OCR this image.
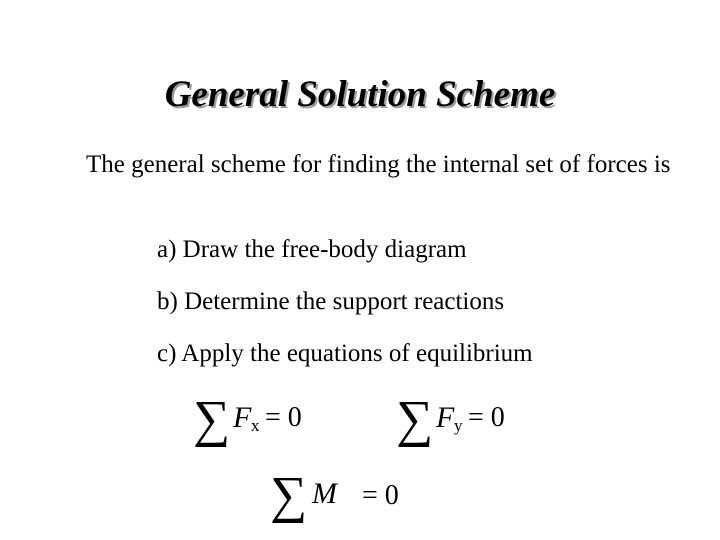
General Solution Scheme
The general scheme for finding the internal set of forces is
a) Draw the free-body diagram
b) Determine the support reactions
c) Apply the equations of equilibrium
∑ F x = 0 ∑ F y = 0
∑ M = 0
